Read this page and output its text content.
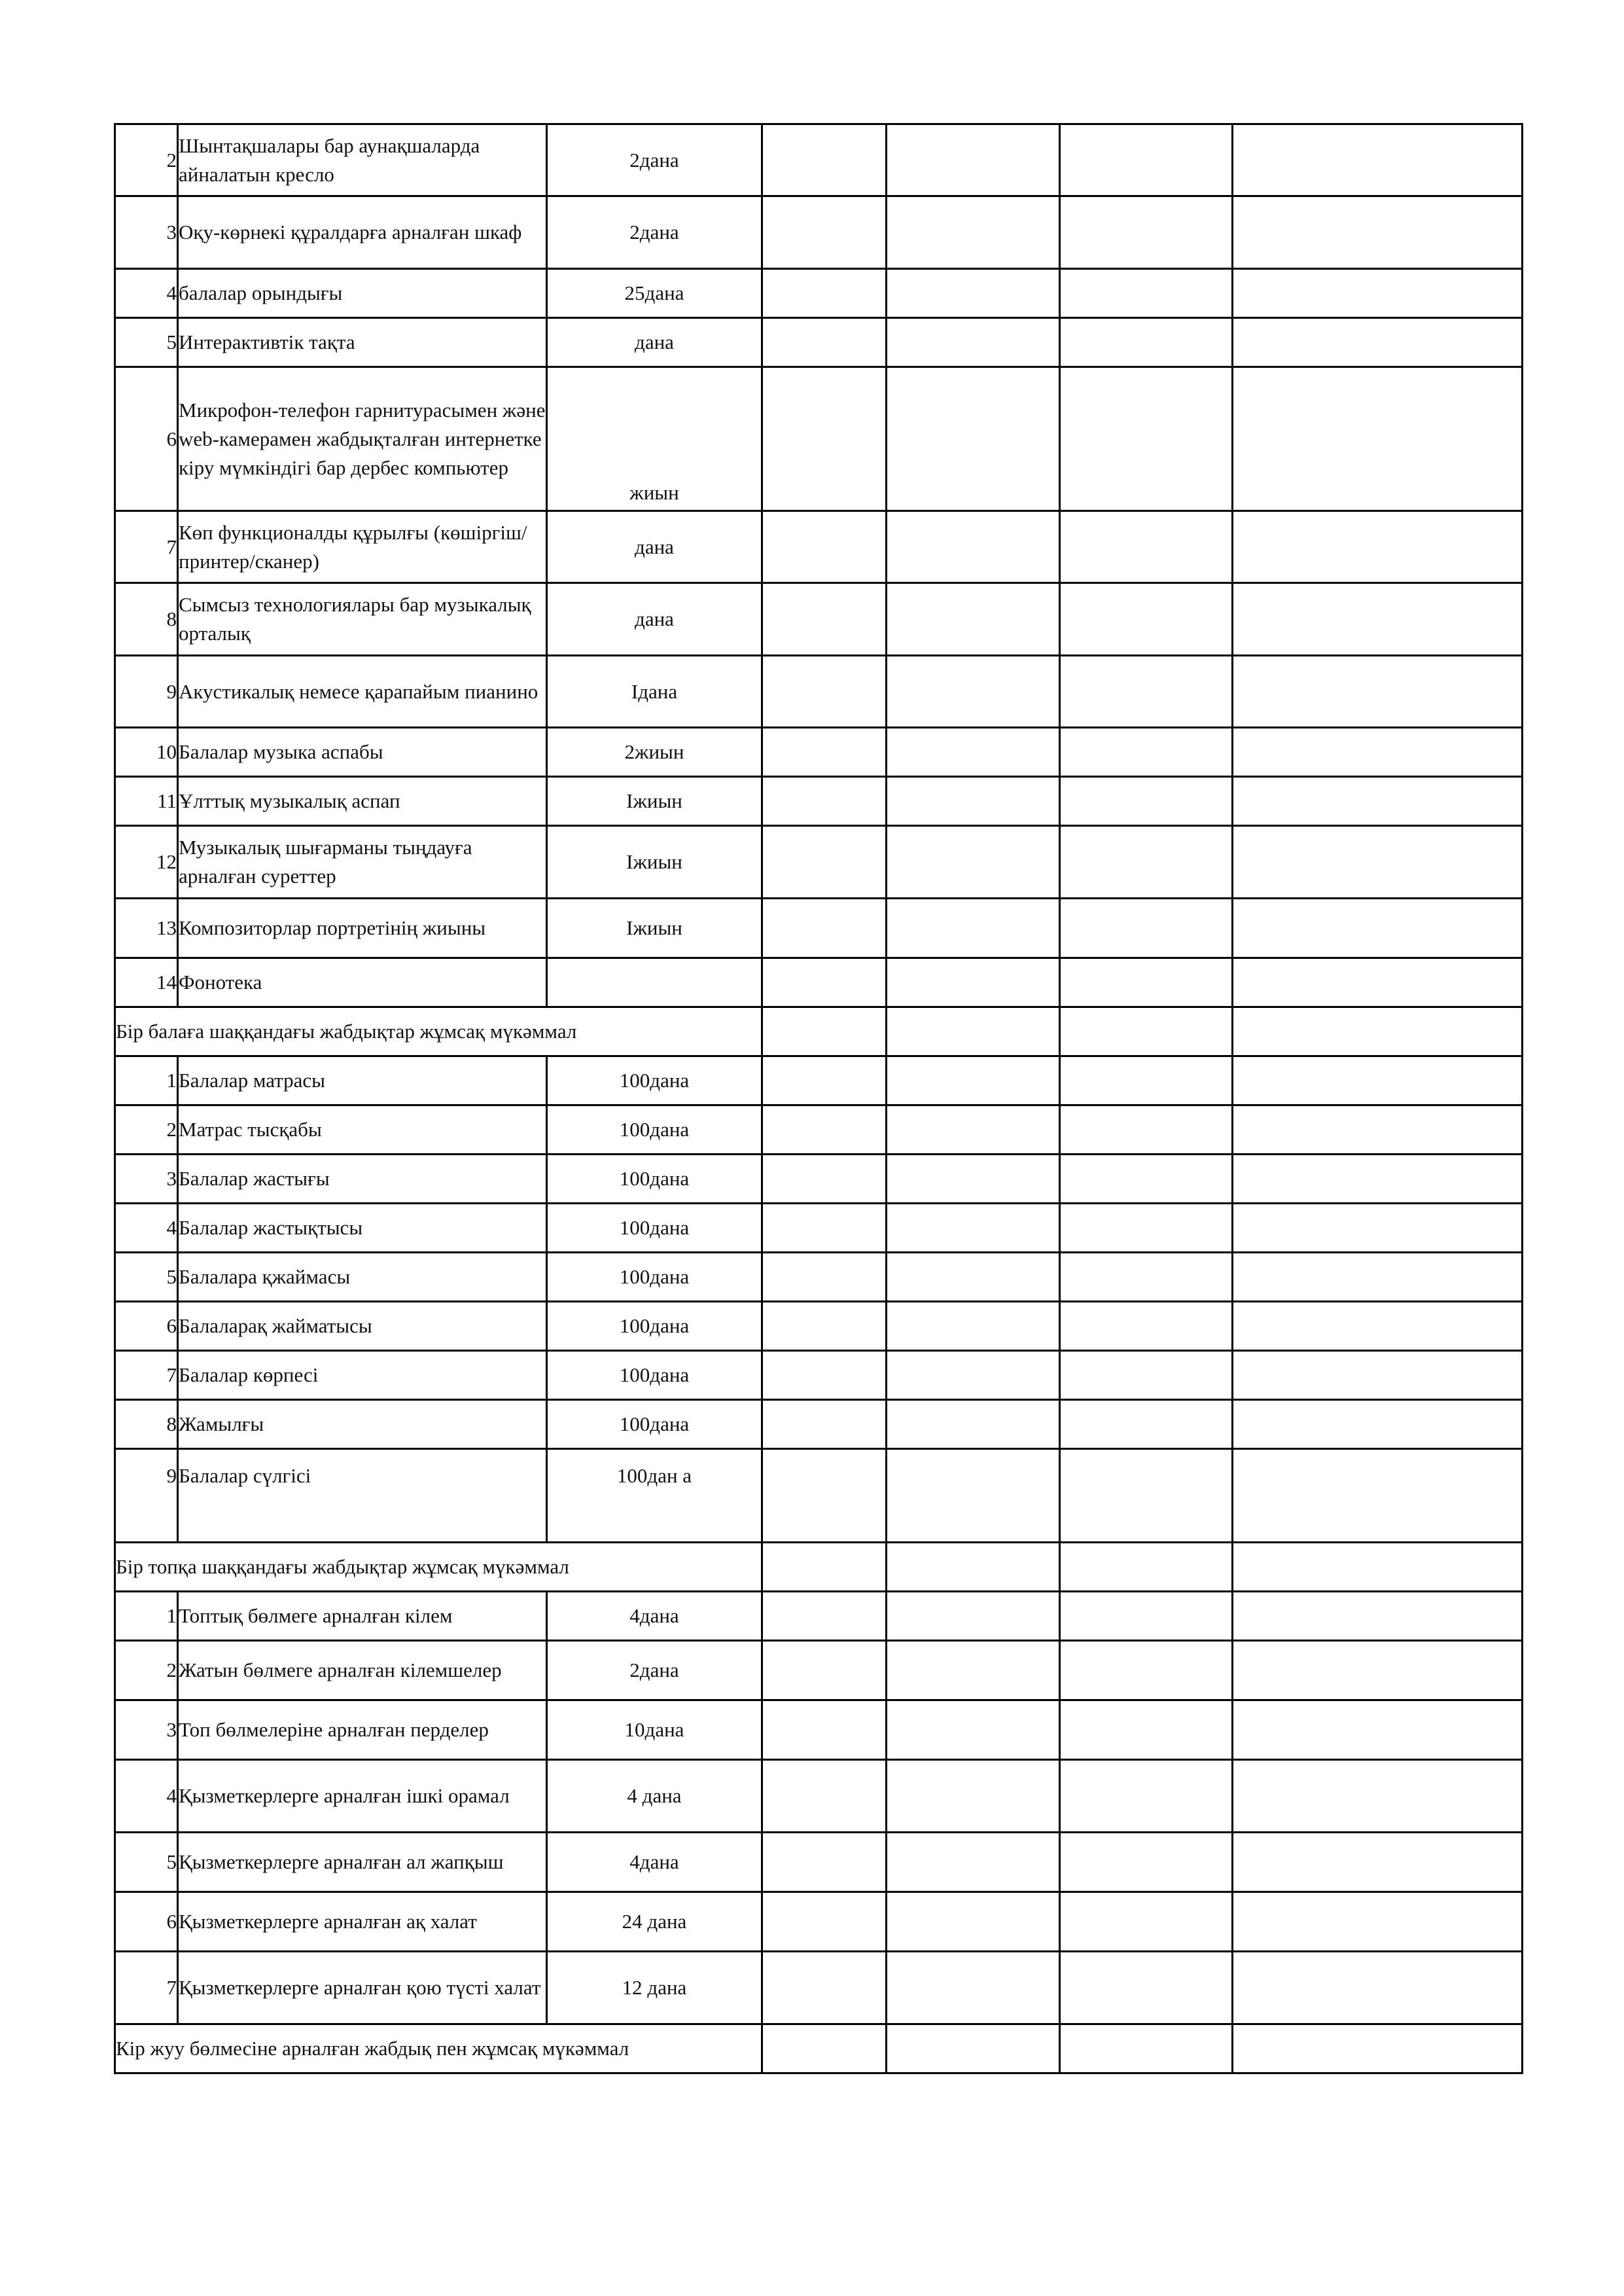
2	Шынтақшалары бар аунақшаларда айналатын кресло	2дана				
3	Оқу-көрнекі құралдарға арналған шкаф	2дана				
4	балалар орындығы	25дана				
5	Интерактивтік тақта	дана				
6	Микрофон-телефон гарнитурасымен және web-камерамен жабдықталған интернетке кіру мүмкіндігі бар дербес компьютер	жиын				
7	Көп функционалды құрылғы (көшіргіш/принтер/сканер)	дана				
8	Сымсыз технологиялары бар музыкалық орталық	дана				
9	Акустикалық немесе қарапайым пианино	Ідана				
10	Балалар музыка аспабы	2жиын				
11	Ұлттық музыкалық аспап	Іжиын				
12	Музыкалық шығарманы тыңдауға арналған суреттер	Іжиын				
13	Композиторлар портретінің жиыны	Іжиын				
14	Фонотека					
Бір балаға шаққандағы жабдықтар жұмсақ мүкәммал						
1	Балалар матрасы	100дана				
2	Матрас тысқабы	100дана				
3	Балалар жастығы	100дана				
4	Балалар жастықтысы	100дана				
5	Балалара қжаймасы	100дана				
6	Балаларақ жайматысы	100дана				
7	Балалар көрпесі	100дана				
8	Жамылғы	100дана				
9	Балалар сүлгісі	100дан а				
Бір топқа шаққандағы жабдықтар жұмсақ мүкәммал						
1	Топтық бөлмеге арналған кілем	4дана				
2	Жатын бөлмеге арналған кілемшелер	2дана				
3	Топ бөлмелеріне арналған перделер	10дана				
4	Қызметкерлерге арналған ішкі орамал	4 дана				
5	Қызметкерлерге арналған ал жапқыш	4дана				
6	Қызметкерлерге арналған ақ халат	24 дана				
7	Қызметкерлерге арналған қою түсті халат	12 дана				
Кір жуу бөлмесіне арналған жабдық пен жұмсақ мүкәммал						
